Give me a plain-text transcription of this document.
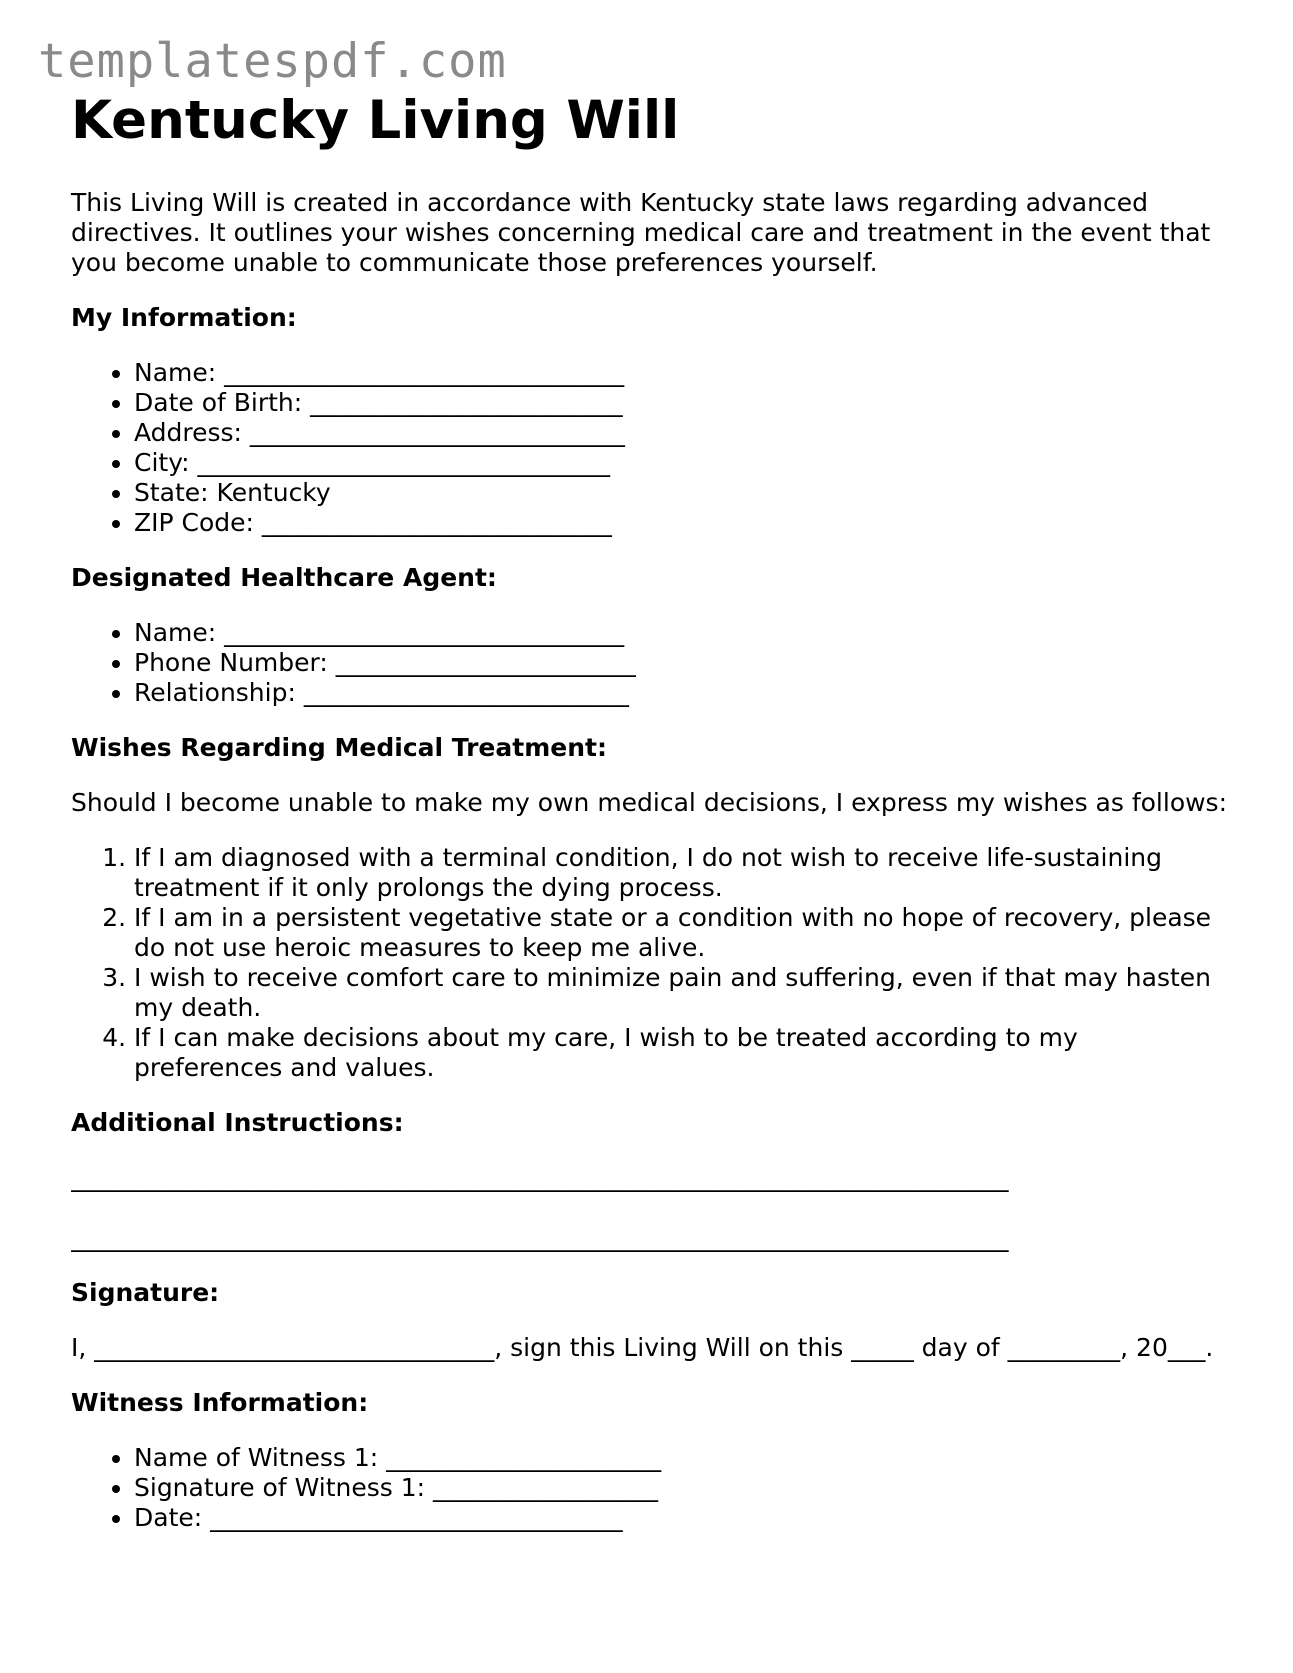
templatespdf.com
Kentucky Living Will

This Living Will is created in accordance with Kentucky state laws regarding advanced directives. It outlines your wishes concerning medical care and treatment in the event that you become unable to communicate those preferences yourself.

My Information:

• Name: ________________________________
• Date of Birth: _________________________
• Address: ______________________________
• City: _________________________________
• State: Kentucky
• ZIP Code: ____________________________

Designated Healthcare Agent:

• Name: ________________________________
• Phone Number: ________________________
• Relationship: __________________________

Wishes Regarding Medical Treatment:

Should I become unable to make my own medical decisions, I express my wishes as follows:

1. If I am diagnosed with a terminal condition, I do not wish to receive life-sustaining treatment if it only prolongs the dying process.
2. If I am in a persistent vegetative state or a condition with no hope of recovery, please do not use heroic measures to keep me alive.
3. I wish to receive comfort care to minimize pain and suffering, even if that may hasten my death.
4. If I can make decisions about my care, I wish to be treated according to my preferences and values.

Additional Instructions:

___________________________________________________________________________

___________________________________________________________________________

Signature:

I, ________________________________, sign this Living Will on this _____ day of _________, 20___.

Witness Information:

• Name of Witness 1: ______________________
• Signature of Witness 1: __________________
• Date: _________________________________
